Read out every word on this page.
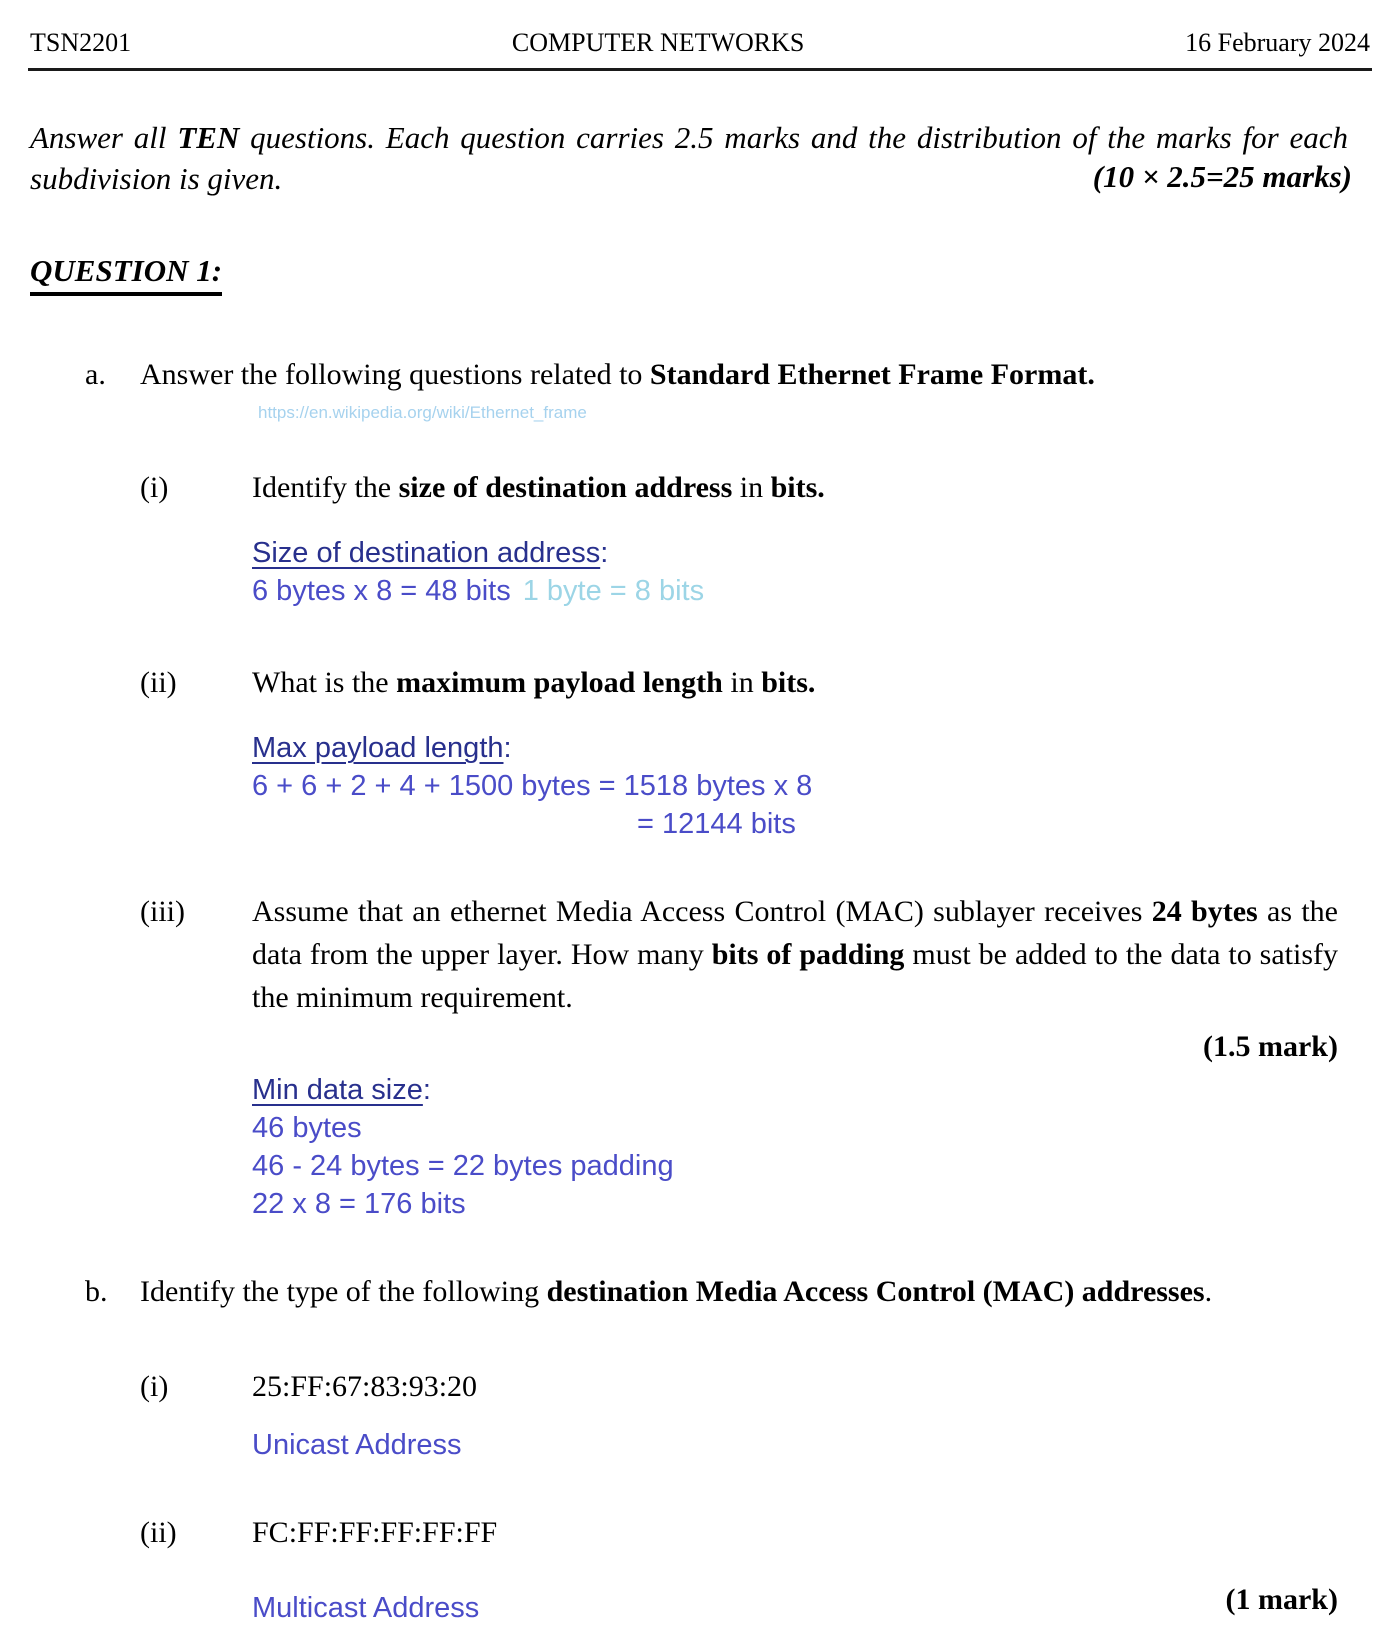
TSN2201	COMPUTER NETWORKS	16 February 2024
Answer all TEN questions. Each question carries 2.5 marks and the distribution of the marks for each subdivision is given.	(10 × 2.5=25 marks)
QUESTION 1:
a.	Answer the following questions related to Standard Ethernet Frame Format.
https://en.wikipedia.org/wiki/Ethernet_frame
(i)	Identify the size of destination address in bits.
Size of destination address:
6 bytes x 8 = 48 bits 1 byte = 8 bits
(ii)	What is the maximum payload length in bits.
Max payload length:
6 + 6 + 2 + 4 + 1500 bytes = 1518 bytes x 8
= 12144 bits
(iii)	Assume that an ethernet Media Access Control (MAC) sublayer receives 24 bytes as the data from the upper layer. How many bits of padding must be added to the data to satisfy the minimum requirement.
(1.5 mark)
Min data size:
46 bytes
46 - 24 bytes = 22 bytes padding
22 x 8 = 176 bits
b.	Identify the type of the following destination Media Access Control (MAC) addresses.
(i)	25:FF:67:83:93:20
Unicast Address
(ii)	FC:FF:FF:FF:FF:FF
Multicast Address	(1 mark)
